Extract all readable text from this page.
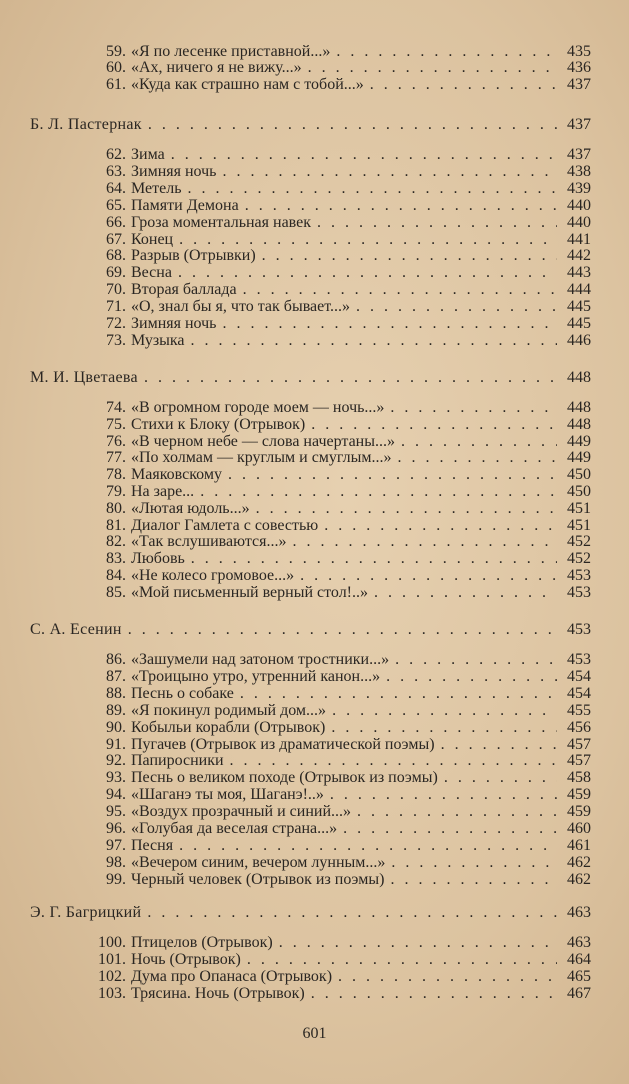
59. «Я по лесенке приставной...» . . .	435
60. «Ах, ничего я не вижу...» . . .	436
61. «Куда как страшно нам с тобой...» . . .	437
Б. Л. Пастернак . . .	437
62. Зима . . .	437
63. Зимняя ночь . . .	438
64. Метель . . .	439
65. Памяти Демона . . .	440
66. Гроза моментальная навек . . .	440
67. Конец . . .	441
68. Разрыв (Отрывки) . . .	442
69. Весна . . .	443
70. Вторая баллада . . .	444
71. «О, знал бы я, что так бывает...» . . .	445
72. Зимняя ночь . . .	445
73. Музыка . . .	446
М. И. Цветаева . . .	448
74. «В огромном городе моем — ночь...» . . .	448
75. Стихи к Блоку (Отрывок) . . .	448
76. «В черном небе — слова начертаны...» . . .	449
77. «По холмам — круглым и смуглым...» . . .	449
78. Маяковскому . . .	450
79. На заре... . . .	450
80. «Лютая юдоль...» . . .	451
81. Диалог Гамлета с совестью . . .	451
82. «Так вслушиваются...» . . .	452
83. Любовь . . .	452
84. «Не колесо громовое...» . . .	453
85. «Мой письменный верный стол!..» . . .	453
С. А. Есенин . . .	453
86. «Зашумели над затоном тростники...» . . .	453
87. «Троицыно утро, утренний канон...» . . .	454
88. Песнь о собаке . . .	454
89. «Я покинул родимый дом...» . . .	455
90. Кобыльи корабли (Отрывок) . . .	456
91. Пугачев (Отрывок из драматической поэмы) . . .	457
92. Папиросники . . .	457
93. Песнь о великом походе (Отрывок из поэмы) . . .	458
94. «Шаганэ ты моя, Шаганэ!..» . . .	459
95. «Воздух прозрачный и синий...» . . .	459
96. «Голубая да веселая страна...» . . .	460
97. Песня . . .	461
98. «Вечером синим, вечером лунным...» . . .	462
99. Черный человек (Отрывок из поэмы) . . .	462
Э. Г. Багрицкий . . .	463
100. Птицелов (Отрывок) . . .	463
101. Ночь (Отрывок) . . .	464
102. Дума про Опанаса (Отрывок) . . .	465
103. Трясина. Ночь (Отрывок) . . .	467
601
